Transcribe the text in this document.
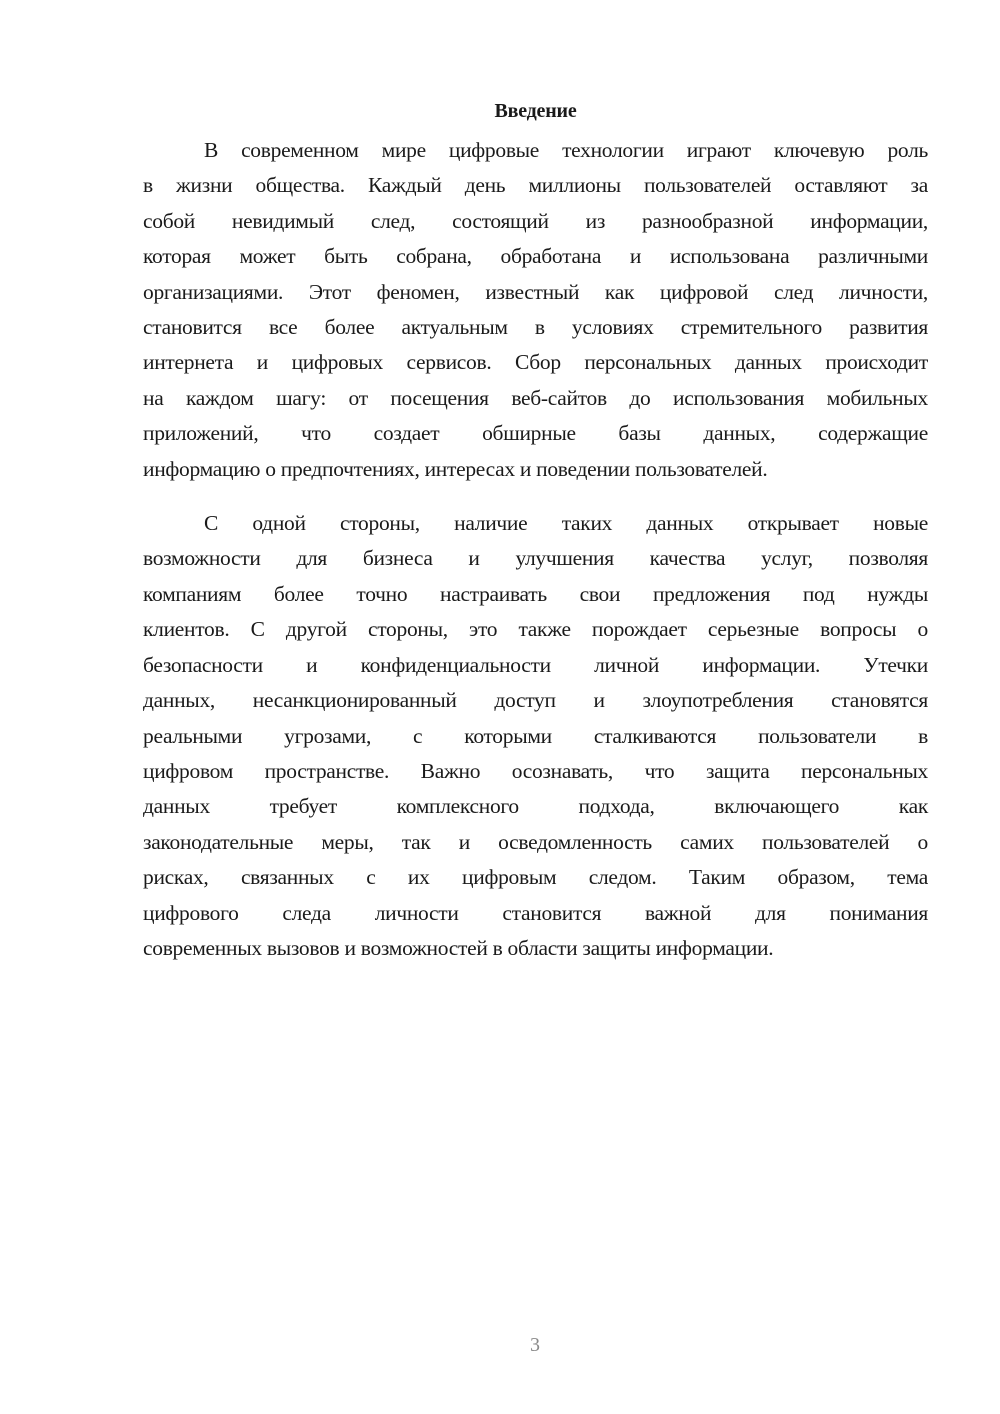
Введение
В современном мире цифровые технологии играют ключевую роль
в жизни общества. Каждый день миллионы пользователей оставляют за
собой невидимый след, состоящий из разнообразной информации,
которая может быть собрана, обработана и использована различными
организациями. Этот феномен, известный как цифровой след личности,
становится все более актуальным в условиях стремительного развития
интернета и цифровых сервисов. Сбор персональных данных происходит
на каждом шагу: от посещения веб-сайтов до использования мобильных
приложений, что создает обширные базы данных, содержащие
информацию о предпочтениях, интересах и поведении пользователей.
С одной стороны, наличие таких данных открывает новые
возможности для бизнеса и улучшения качества услуг, позволяя
компаниям более точно настраивать свои предложения под нужды
клиентов. С другой стороны, это также порождает серьезные вопросы о
безопасности и конфиденциальности личной информации. Утечки
данных, несанкционированный доступ и злоупотребления становятся
реальными угрозами, с которыми сталкиваются пользователи в
цифровом пространстве. Важно осознавать, что защита персональных
данных требует комплексного подхода, включающего как
законодательные меры, так и осведомленность самих пользователей о
рисках, связанных с их цифровым следом. Таким образом, тема
цифрового следа личности становится важной для понимания
современных вызовов и возможностей в области защиты информации.
3
